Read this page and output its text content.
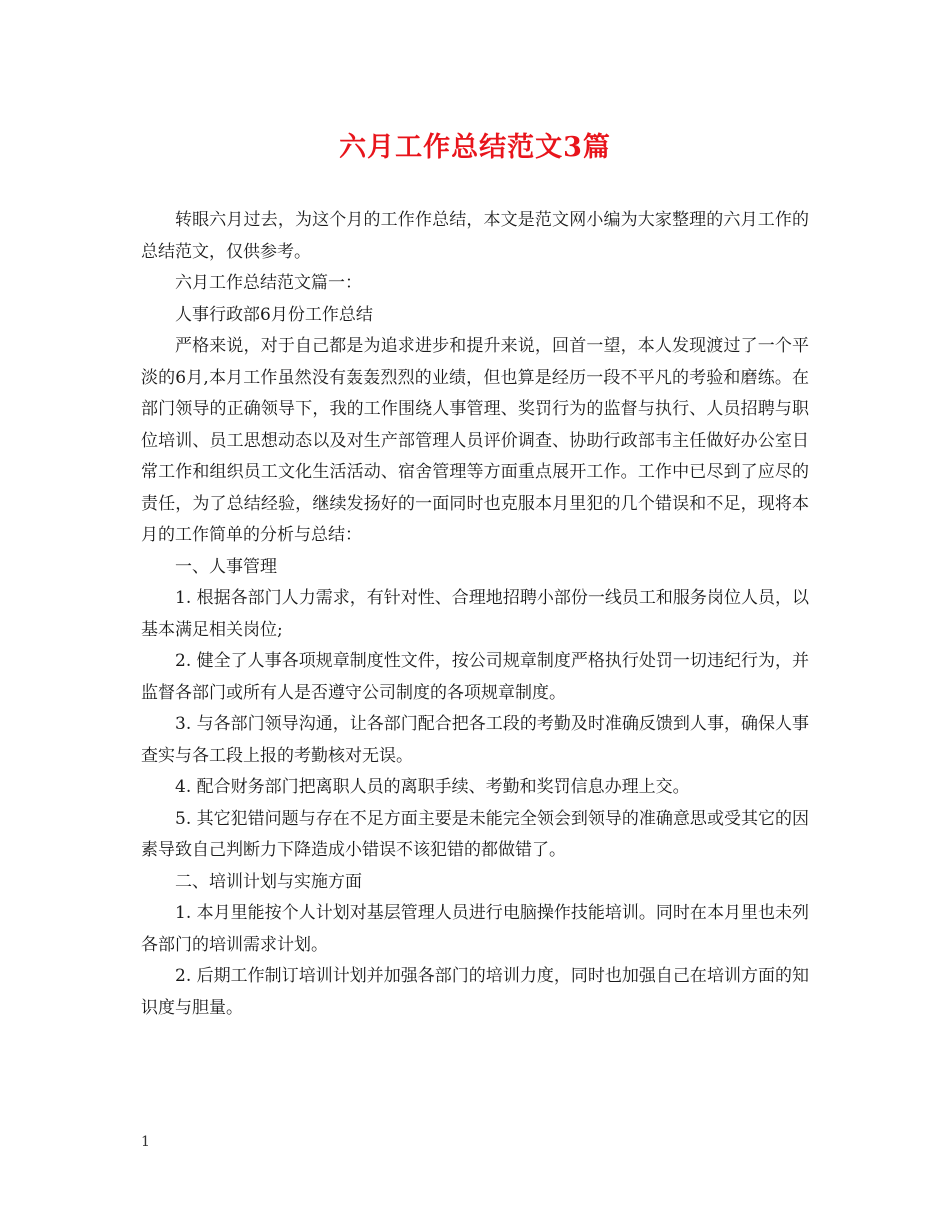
六月工作总结范文3篇

转眼六月过去，为这个月的工作作总结，本文是范文网小编为大家整理的六月工作的总结范文，仅供参考。

六月工作总结范文篇一：

人事行政部6月份工作总结

严格来说，对于自己都是为追求进步和提升来说，回首一望，本人发现渡过了一个平淡的6月,本月工作虽然没有轰轰烈烈的业绩，但也算是经历一段不平凡的考验和磨练。在部门领导的正确领导下，我的工作围绕人事管理、奖罚行为的监督与执行、人员招聘与职位培训、员工思想动态以及对生产部管理人员评价调查、协助行政部韦主任做好办公室日常工作和组织员工文化生活活动、宿舍管理等方面重点展开工作。工作中已尽到了应尽的责任，为了总结经验，继续发扬好的一面同时也克服本月里犯的几个错误和不足，现将本月的工作简单的分析与总结：

一、人事管理

1. 根据各部门人力需求，有针对性、合理地招聘小部份一线员工和服务岗位人员，以基本满足相关岗位;

2. 健全了人事各项规章制度性文件，按公司规章制度严格执行处罚一切违纪行为，并监督各部门或所有人是否遵守公司制度的各项规章制度。

3. 与各部门领导沟通，让各部门配合把各工段的考勤及时准确反馈到人事，确保人事查实与各工段上报的考勤核对无误。

4. 配合财务部门把离职人员的离职手续、考勤和奖罚信息办理上交。

5. 其它犯错问题与存在不足方面主要是未能完全领会到领导的准确意思或受其它的因素导致自己判断力下降造成小错误不该犯错的都做错了。

二、培训计划与实施方面

1. 本月里能按个人计划对基层管理人员进行电脑操作技能培训。同时在本月里也未列各部门的培训需求计划。

2. 后期工作制订培训计划并加强各部门的培训力度，同时也加强自己在培训方面的知识度与胆量。

1
